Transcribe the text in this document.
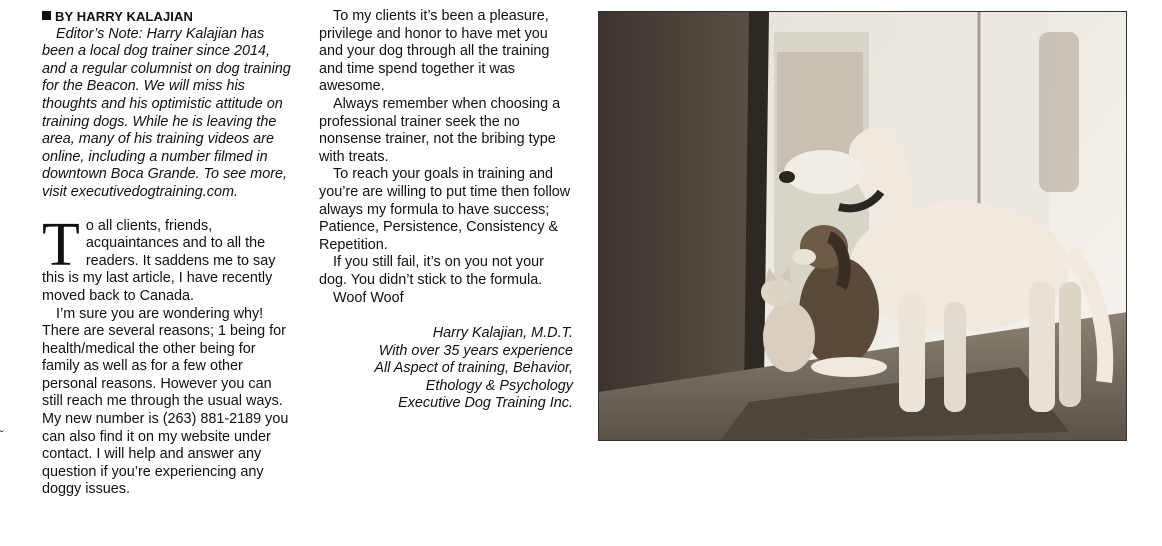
BY HARRY KALAJIAN

Editor’s Note: Harry Kalajian has been a local dog trainer since 2014, and a regular columnist on dog training for the Beacon. We will miss his thoughts and his optimistic attitude on training dogs. While he is leaving the area, many of his training videos are online, including a number filmed in downtown Boca Grande. To see more, visit executivedogtraining.com.

To all clients, friends, acquaintances and to all the readers. It saddens me to say this is my last article, I have recently moved back to Canada.

I’m sure you are wondering why! There are several reasons; 1 being for health/medical the other being for family as well as for a few other personal reasons. However you can still reach me through the usual ways. My new number is (263) 881-2189 you can also find it on my website under contact. I will help and answer any question if you’re experiencing any doggy issues.

To my clients it’s been a pleasure, privilege and honor to have met you and your dog through all the training and time spend together it was awesome.

Always remember when choosing a professional trainer seek the no nonsense trainer, not the bribing type with treats.

To reach your goals in training and you’re are willing to put time then follow always my formula to have success; Patience, Persistence, Consistency & Repetition.

If you still fail, it’s on you not your dog. You didn’t stick to the formula.

Woof Woof

Harry Kalajian, M.D.T.
With over 35 years experience
All Aspect of training, Behavior,
Ethology & Psychology
Executive Dog Training Inc.

˘
